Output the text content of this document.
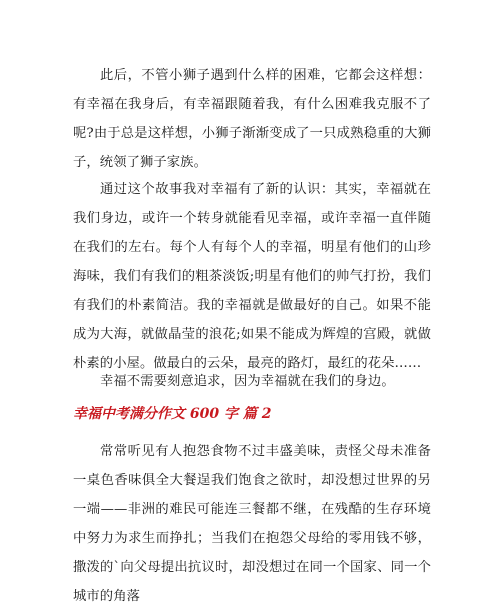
此后，不管小狮子遇到什么样的困难，它都会这样想：有幸福在我身后，有幸福跟随着我，有什么困难我克服不了呢?由于总是这样想，小狮子渐渐变成了一只成熟稳重的大狮子，统领了狮子家族。

通过这个故事我对幸福有了新的认识：其实，幸福就在我们身边，或许一个转身就能看见幸福，或许幸福一直伴随在我们的左右。每个人有每个人的幸福，明星有他们的山珍海味，我们有我们的粗茶淡饭;明星有他们的帅气打扮，我们有我们的朴素简洁。我的幸福就是做最好的自己。如果不能成为大海，就做晶莹的浪花;如果不能成为辉煌的宫殿，就做朴素的小屋。做最白的云朵，最亮的路灯，最红的花朵……

幸福不需要刻意追求，因为幸福就在我们的身边。

幸福中考满分作文 600 字 篇 2

常常听见有人抱怨食物不过丰盛美味，责怪父母未准备一桌色香味俱全大餐逞我们饱食之欲时，却没想过世界的另一端——非洲的难民可能连三餐都不继，在残酷的生存环境中努力为求生而挣扎；当我们在抱怨父母给的零用钱不够，撒泼的`向父母提出抗议时，却没想过在同一个国家、同一个城市的角落
